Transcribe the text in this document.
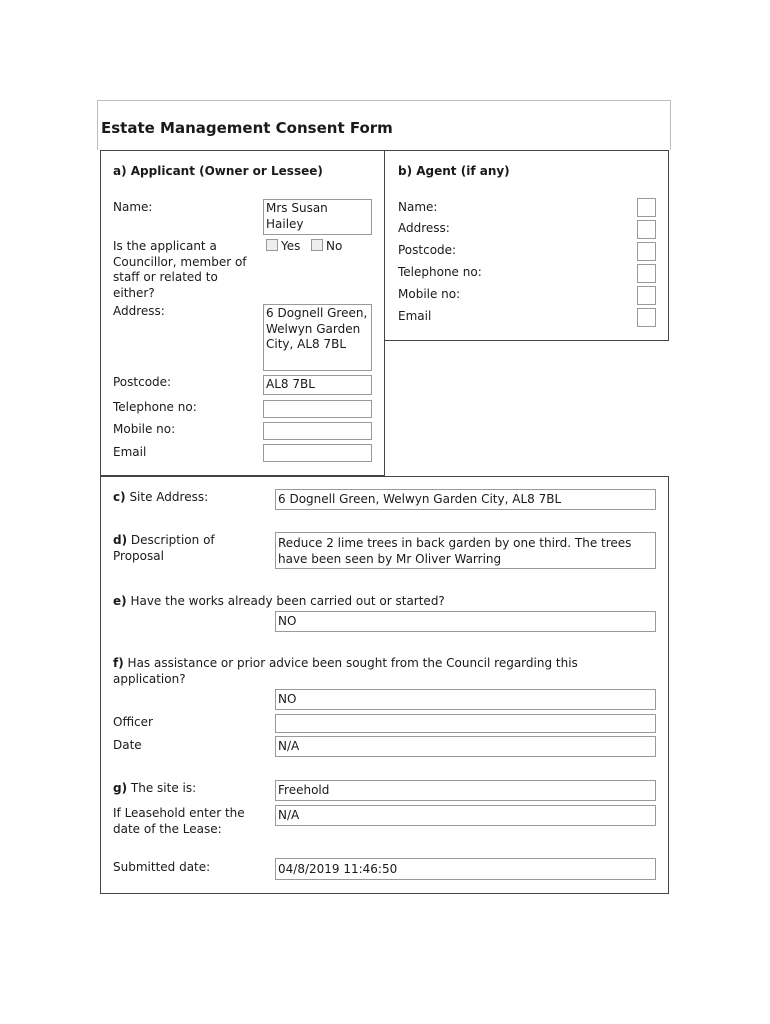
Estate Management Consent Form
a) Applicant (Owner or Lessee)
Name:	Mrs Susan Hailey
Is the applicant a Councillor, member of staff or related to either?
Yes	No
Address:	6 Dognell Green, Welwyn Garden City, AL8 7BL
Postcode:	AL8 7BL
Telephone no:
Mobile no:
Email
b) Agent (if any)
Name:
Address:
Postcode:
Telephone no:
Mobile no:
Email
c) Site Address:	6 Dognell Green, Welwyn Garden City, AL8 7BL
d) Description of Proposal
Reduce 2 lime trees in back garden by one third. The trees have been seen by Mr Oliver Warring
e) Have the works already been carried out or started?
NO
f) Has assistance or prior advice been sought from the Council regarding this application?
NO
Officer
Date	N/A
g) The site is:	Freehold
If Leasehold enter the date of the Lease:
N/A
Submitted date:	04/8/2019 11:46:50
